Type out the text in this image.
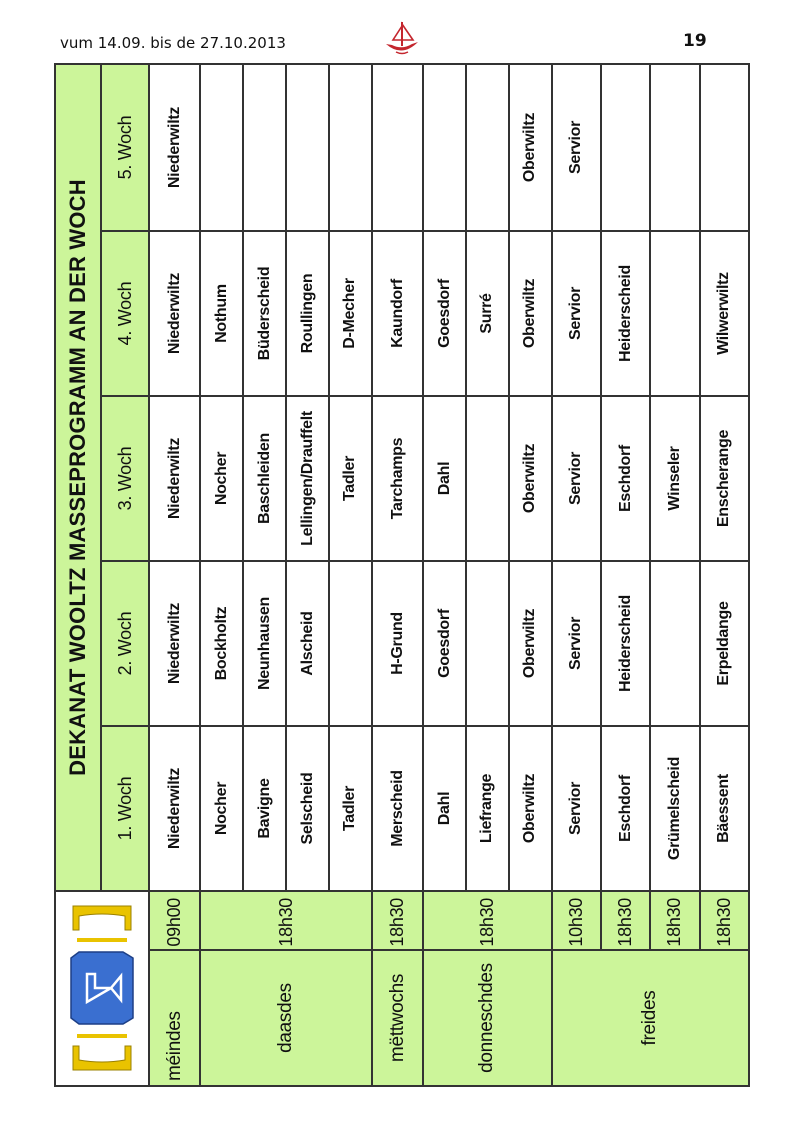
vum 14.09. bis de 27.10.2013	19
	DEKANAT WOOLTZ MASSEPROGRAMM AN DER WOCH				
		1. Woch	2. Woch	3. Woch	4. Woch	5. Woch
méindes	09h00	Niederwiltz	Niederwiltz	Niederwiltz	Niederwiltz	Niederwiltz
daasdes	18h30	Nocher	Bockholtz	Nocher	Nothum	
		Bavigne	Neunhausen	Baschleiden	Büderscheid	
		Selscheid	Alscheid	Lellingen/Drauffelt	Roullingen	
		Tadler		Tadler	D-Mecher	
mëttwochs	18h30	Merscheid	H-Grund	Tarchamps	Kaundorf	
donneschdes	18h30	Dahl	Goesdorf	Dahl	Goesdorf	
		Liefrange			Surré	
		Oberwiltz	Oberwiltz	Oberwiltz	Oberwiltz	Oberwiltz
freides	10h30	Servior	Servior	Servior	Servior	Servior
	18h30	Eschdorf	Heiderscheid	Eschdorf	Heiderscheid	
	18h30	Grümelscheid		Winseler		
	18h30	Bäessent	Erpeldange	Enscherange	Wilwerwiltz	
